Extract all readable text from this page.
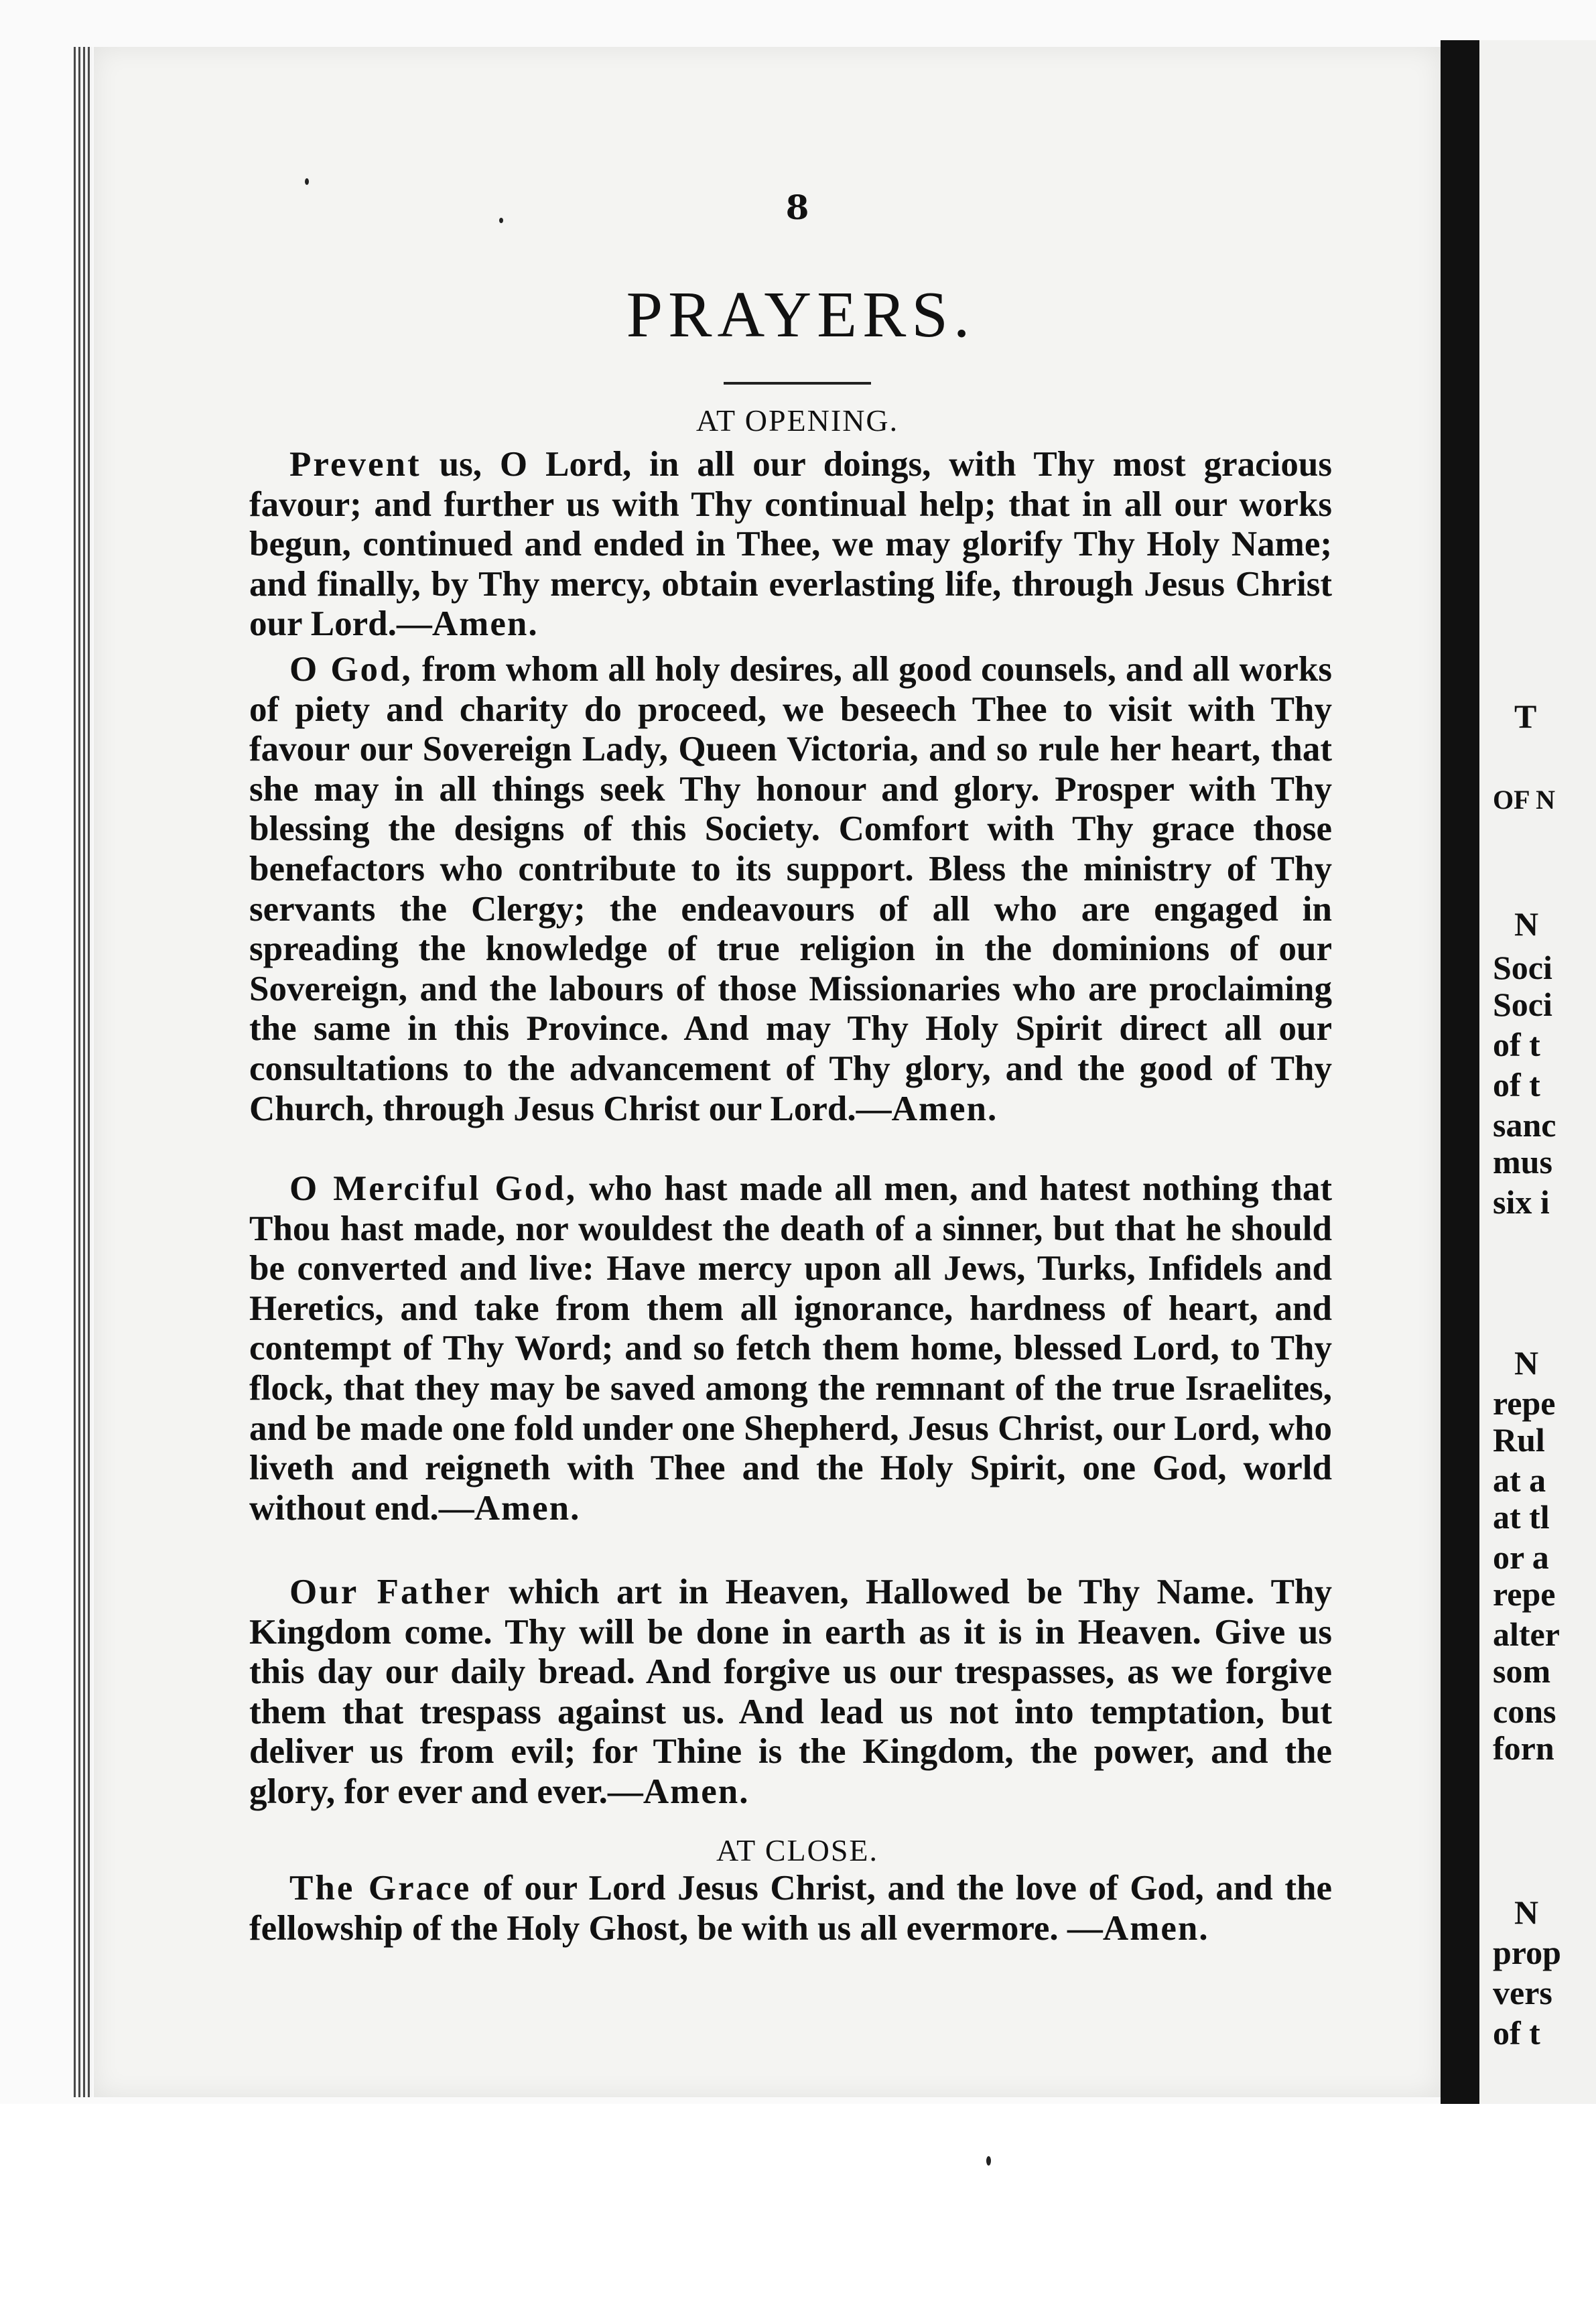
T
OF N
N
Soci
Soci
of t
of t
sanc
mus
six i
N
repe
Rul
at a
at tl
or a
repe
alter
som
cons
forn
N
prop
vers
of t
8
PRAYERS.
AT OPENING.
Prevent us, O Lord, in all our doings, with Thy most gracious favour; and further us with Thy continual help; that in all our works begun, continued and ended in Thee, we may glorify Thy Holy Name; and finally, by Thy mercy, obtain everlasting life, through Jesus Christ our Lord.—Amen.
O God, from whom all holy desires, all good counsels, and all works of piety and charity do proceed, we beseech Thee to visit with Thy favour our Sovereign Lady, Queen Victoria, and so rule her heart, that she may in all things seek Thy honour and glory. Prosper with Thy blessing the designs of this Society. Comfort with Thy grace those benefactors who contribute to its support. Bless the ministry of Thy servants the Clergy; the endeavours of all who are engaged in spreading the knowledge of true religion in the dominions of our Sovereign, and the labours of those Missionaries who are proclaiming the same in this Province. And may Thy Holy Spirit direct all our consultations to the advancement of Thy glory, and the good of Thy Church, through Jesus Christ our Lord.—Amen.
O Merciful God, who hast made all men, and hatest nothing that Thou hast made, nor wouldest the death of a sinner, but that he should be converted and live: Have mercy upon all Jews, Turks, Infidels and Heretics, and take from them all ignorance, hardness of heart, and contempt of Thy Word; and so fetch them home, blessed Lord, to Thy flock, that they may be saved among the remnant of the true Israelites, and be made one fold under one Shepherd, Jesus Christ, our Lord, who liveth and reigneth with Thee and the Holy Spirit, one God, world without end.—Amen.
Our Father which art in Heaven, Hallowed be Thy Name. Thy Kingdom come. Thy will be done in earth as it is in Heaven. Give us this day our daily bread. And forgive us our trespasses, as we forgive them that trespass against us. And lead us not into temptation, but deliver us from evil; for Thine is the Kingdom, the power, and the glory, for ever and ever.—Amen.
AT CLOSE.
The Grace of our Lord Jesus Christ, and the love of God, and the fellowship of the Holy Ghost, be with us all evermore. —Amen.
